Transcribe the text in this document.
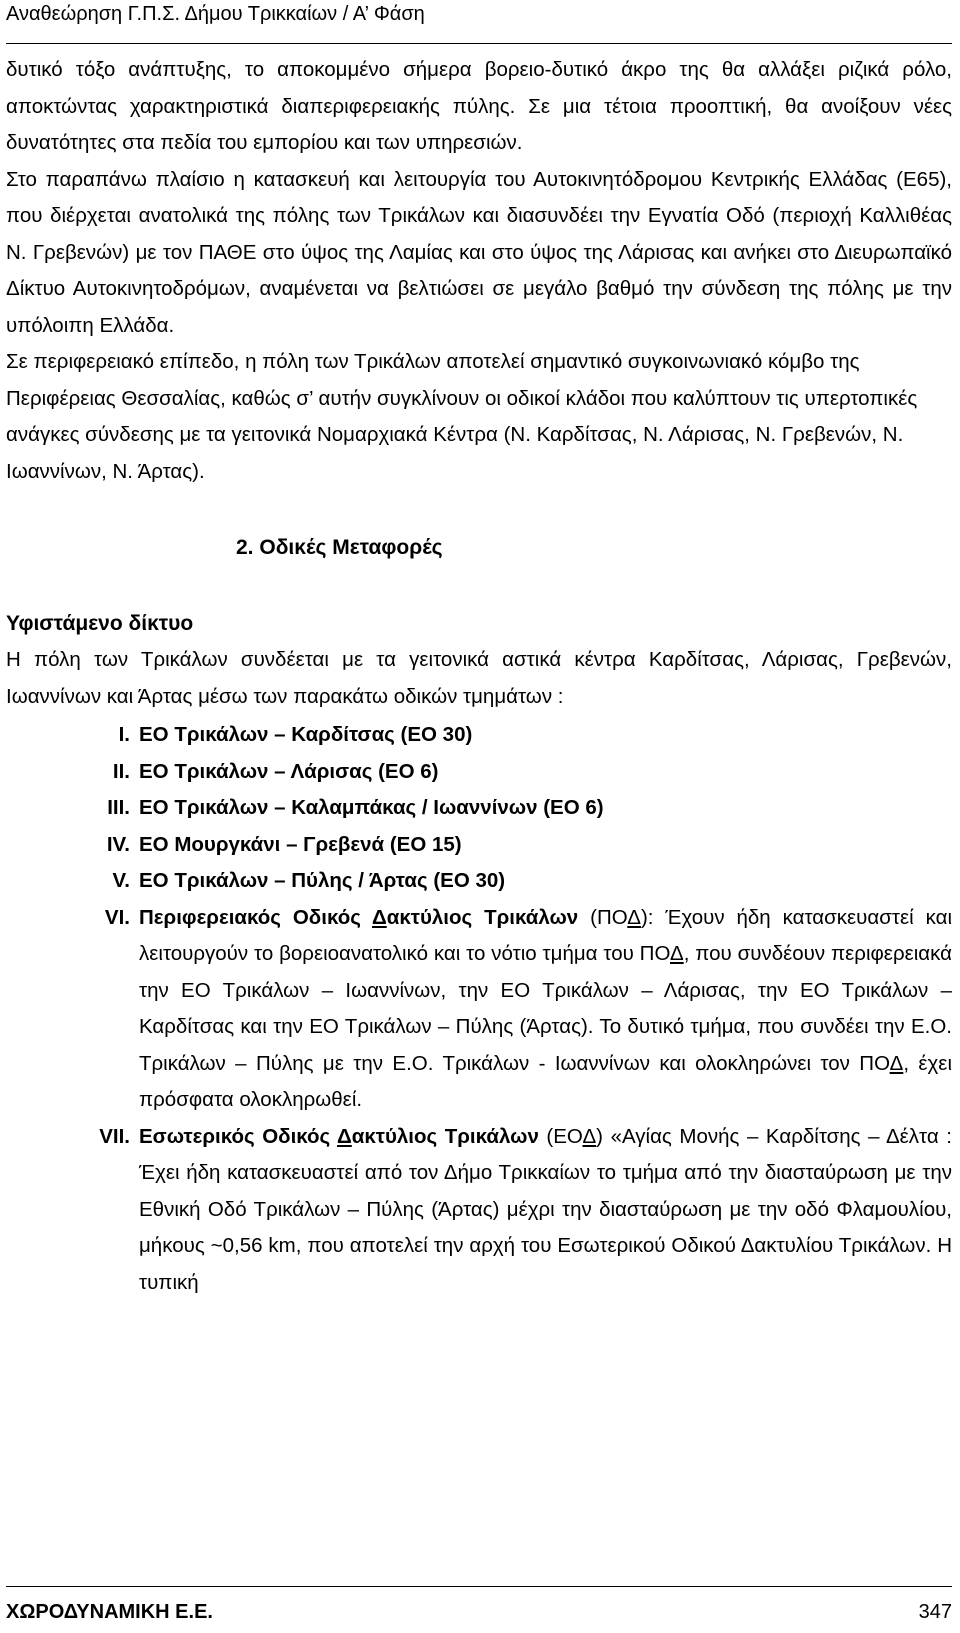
Αναθεώρηση Γ.Π.Σ. Δήμου Τρικκαίων / Α’ Φάση

δυτικό τόξο ανάπτυξης, το αποκομμένο σήμερα βορειο-δυτικό άκρο της θα αλλάξει ριζικά ρόλο, αποκτώντας χαρακτηριστικά διαπεριφερειακής πύλης. Σε μια τέτοια προοπτική, θα ανοίξουν νέες δυνατότητες στα πεδία του εμπορίου και των υπηρεσιών.

Στο παραπάνω πλαίσιο η κατασκευή και λειτουργία του Αυτοκινητόδρομου Κεντρικής Ελλάδας (Ε65), που διέρχεται ανατολικά της πόλης των Τρικάλων και διασυνδέει την Εγνατία Οδό (περιοχή Καλλιθέας Ν. Γρεβενών) με τον ΠΑΘΕ στο ύψος της Λαμίας και στο ύψος της Λάρισας και ανήκει στο Διευρωπαϊκό Δίκτυο Αυτοκινητοδρόμων, αναμένεται να βελτιώσει σε μεγάλο βαθμό την σύνδεση της πόλης με την υπόλοιπη Ελλάδα.

Σε περιφερειακό επίπεδο, η πόλη των Τρικάλων αποτελεί σημαντικό συγκοινωνιακό κόμβο της Περιφέρειας Θεσσαλίας, καθώς σ’ αυτήν συγκλίνουν οι οδικοί κλάδοι που καλύπτουν τις υπερτοπικές ανάγκες σύνδεσης με τα γειτονικά Νομαρχιακά Κέντρα (Ν. Καρδίτσας, Ν. Λάρισας, Ν. Γρεβενών, Ν. Ιωαννίνων, Ν. Άρτας).

2. Οδικές Μεταφορές
Υφιστάμενο δίκτυο

Η πόλη των Τρικάλων συνδέεται με τα γειτονικά αστικά κέντρα Καρδίτσας, Λάρισας, Γρεβενών, Ιωαννίνων και Άρτας μέσω των παρακάτω οδικών τμημάτων :

I. ΕΟ Τρικάλων – Καρδίτσας (ΕΟ 30)
II. ΕΟ Τρικάλων – Λάρισας (ΕΟ 6)
III. ΕΟ Τρικάλων – Καλαμπάκας / Ιωαννίνων (ΕΟ 6)
IV. ΕΟ Μουργκάνι – Γρεβενά (ΕΟ 15)
V. ΕΟ Τρικάλων – Πύλης / Άρτας (ΕΟ 30)
VI. Περιφερειακός Οδικός Δακτύλιος Τρικάλων (ΠΟΔ): Έχουν ήδη κατασκευαστεί και λειτουργούν το βορειοανατολικό και το νότιο τμήμα του ΠΟΔ, που συνδέουν περιφερειακά την ΕΟ Τρικάλων – Ιωαννίνων, την ΕΟ Τρικάλων – Λάρισας, την ΕΟ Τρικάλων – Καρδίτσας και την ΕΟ Τρικάλων – Πύλης (Άρτας). Το δυτικό τμήμα, που συνδέει την Ε.Ο. Τρικάλων – Πύλης με την Ε.Ο. Τρικάλων - Ιωαννίνων και ολοκληρώνει τον ΠΟΔ, έχει πρόσφατα ολοκληρωθεί.
VII. Εσωτερικός Οδικός Δακτύλιος Τρικάλων (ΕΟΔ) «Αγίας Μονής – Καρδίτσης – Δέλτα : Έχει ήδη κατασκευαστεί από τον Δήμο Τρικκαίων το τμήμα από την διασταύρωση με την Εθνική Οδό Τρικάλων – Πύλης (Άρτας) μέχρι την διασταύρωση με την οδό Φλαμουλίου, μήκους ~0,56 km, που αποτελεί την αρχή του Εσωτερικού Οδικού Δακτυλίου Τρικάλων. Η τυπική
ΧΩΡΟΔΥΝΑΜΙΚΗ Ε.Ε.	347
